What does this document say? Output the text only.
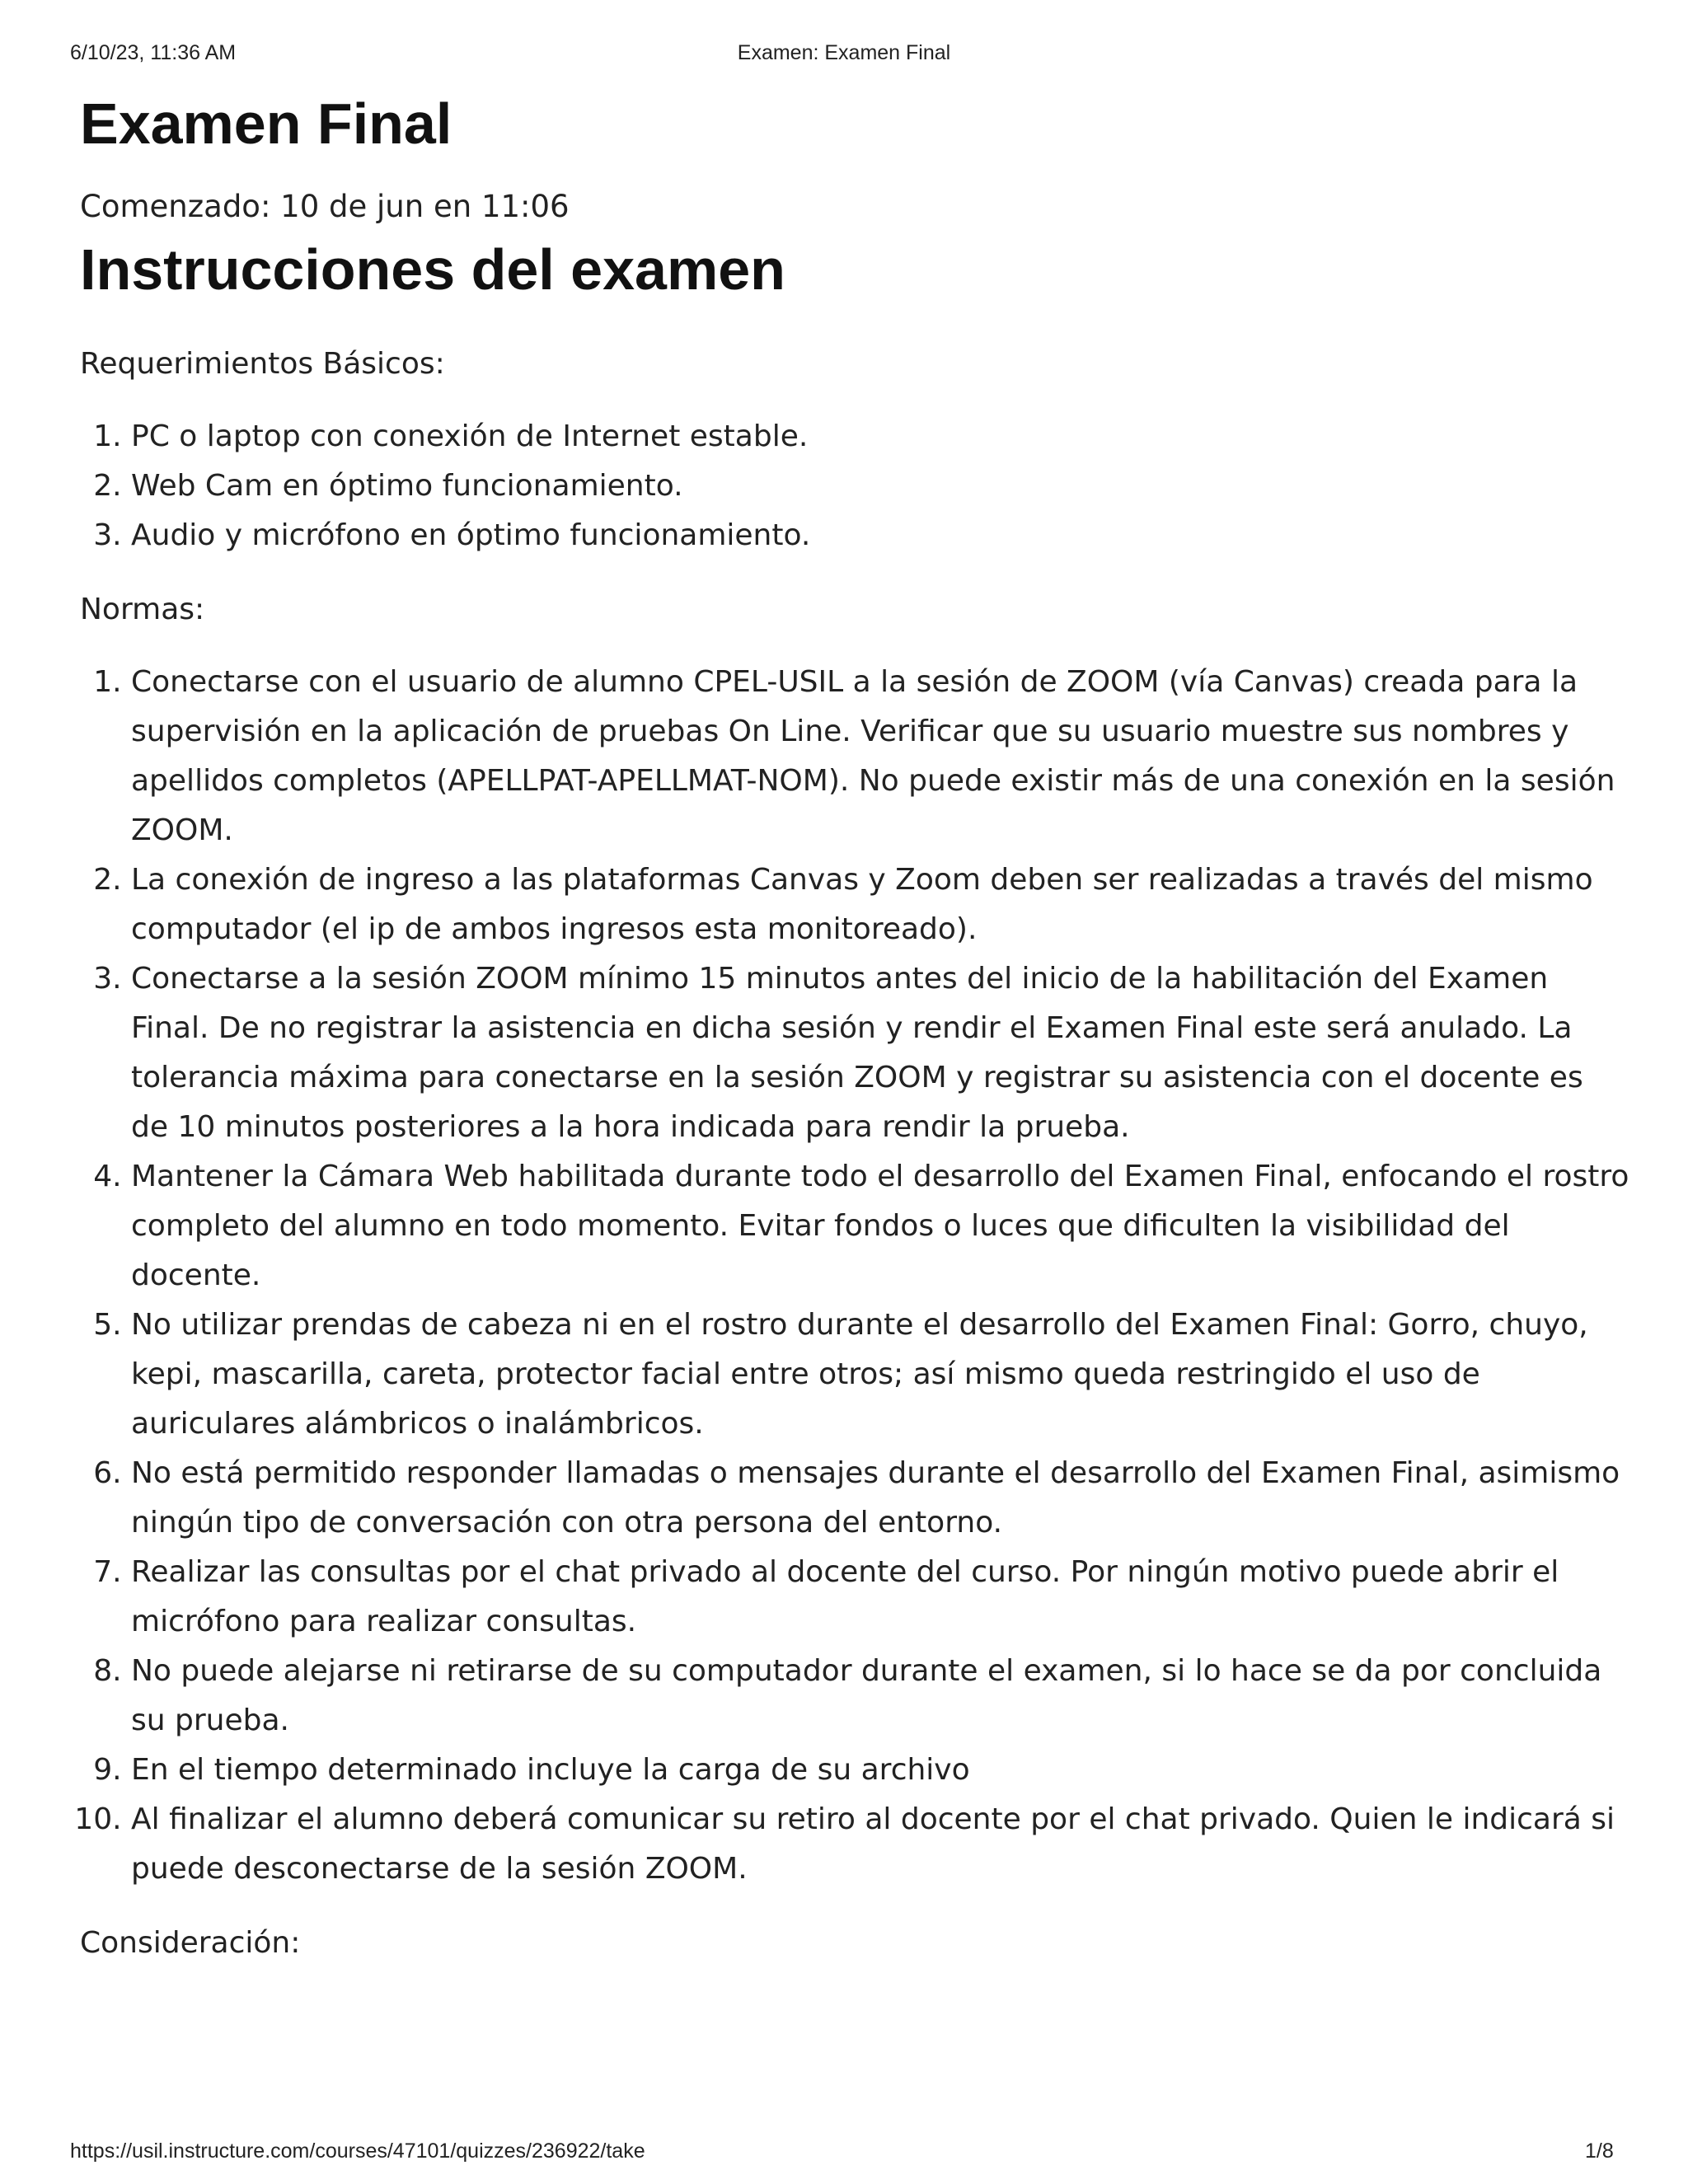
6/10/23, 11:36 AM	Examen: Examen Final
Examen Final
Comenzado: 10 de jun en 11:06
Instrucciones del examen
Requerimientos Básicos:
1. PC o laptop con conexión de Internet estable.
2. Web Cam en óptimo funcionamiento.
3. Audio y micrófono en óptimo funcionamiento.
Normas:
1. Conectarse con el usuario de alumno CPEL-USIL a la sesión de ZOOM (vía Canvas) creada para la supervisión en la aplicación de pruebas On Line. Verificar que su usuario muestre sus nombres y apellidos completos (APELLPAT-APELLMAT-NOM). No puede existir más de una conexión en la sesión ZOOM.
2. La conexión de ingreso a las plataformas Canvas y Zoom deben ser realizadas a través del mismo computador (el ip de ambos ingresos esta monitoreado).
3. Conectarse a la sesión ZOOM mínimo 15 minutos antes del inicio de la habilitación del Examen Final. De no registrar la asistencia en dicha sesión y rendir el Examen Final este será anulado. La tolerancia máxima para conectarse en la sesión ZOOM y registrar su asistencia con el docente es de 10 minutos posteriores a la hora indicada para rendir la prueba.
4. Mantener la Cámara Web habilitada durante todo el desarrollo del Examen Final, enfocando el rostro completo del alumno en todo momento. Evitar fondos o luces que dificulten la visibilidad del docente.
5. No utilizar prendas de cabeza ni en el rostro durante el desarrollo del Examen Final: Gorro, chuyo, kepi, mascarilla, careta, protector facial entre otros; así mismo queda restringido el uso de auriculares alámbricos o inalámbricos.
6. No está permitido responder llamadas o mensajes durante el desarrollo del Examen Final, asimismo ningún tipo de conversación con otra persona del entorno.
7. Realizar las consultas por el chat privado al docente del curso. Por ningún motivo puede abrir el micrófono para realizar consultas.
8. No puede alejarse ni retirarse de su computador durante el examen, si lo hace se da por concluida su prueba.
9. En el tiempo determinado incluye la carga de su archivo
10. Al finalizar el alumno deberá comunicar su retiro al docente por el chat privado. Quien le indicará si puede desconectarse de la sesión ZOOM.
Consideración:
https://usil.instructure.com/courses/47101/quizzes/236922/take	1/8
